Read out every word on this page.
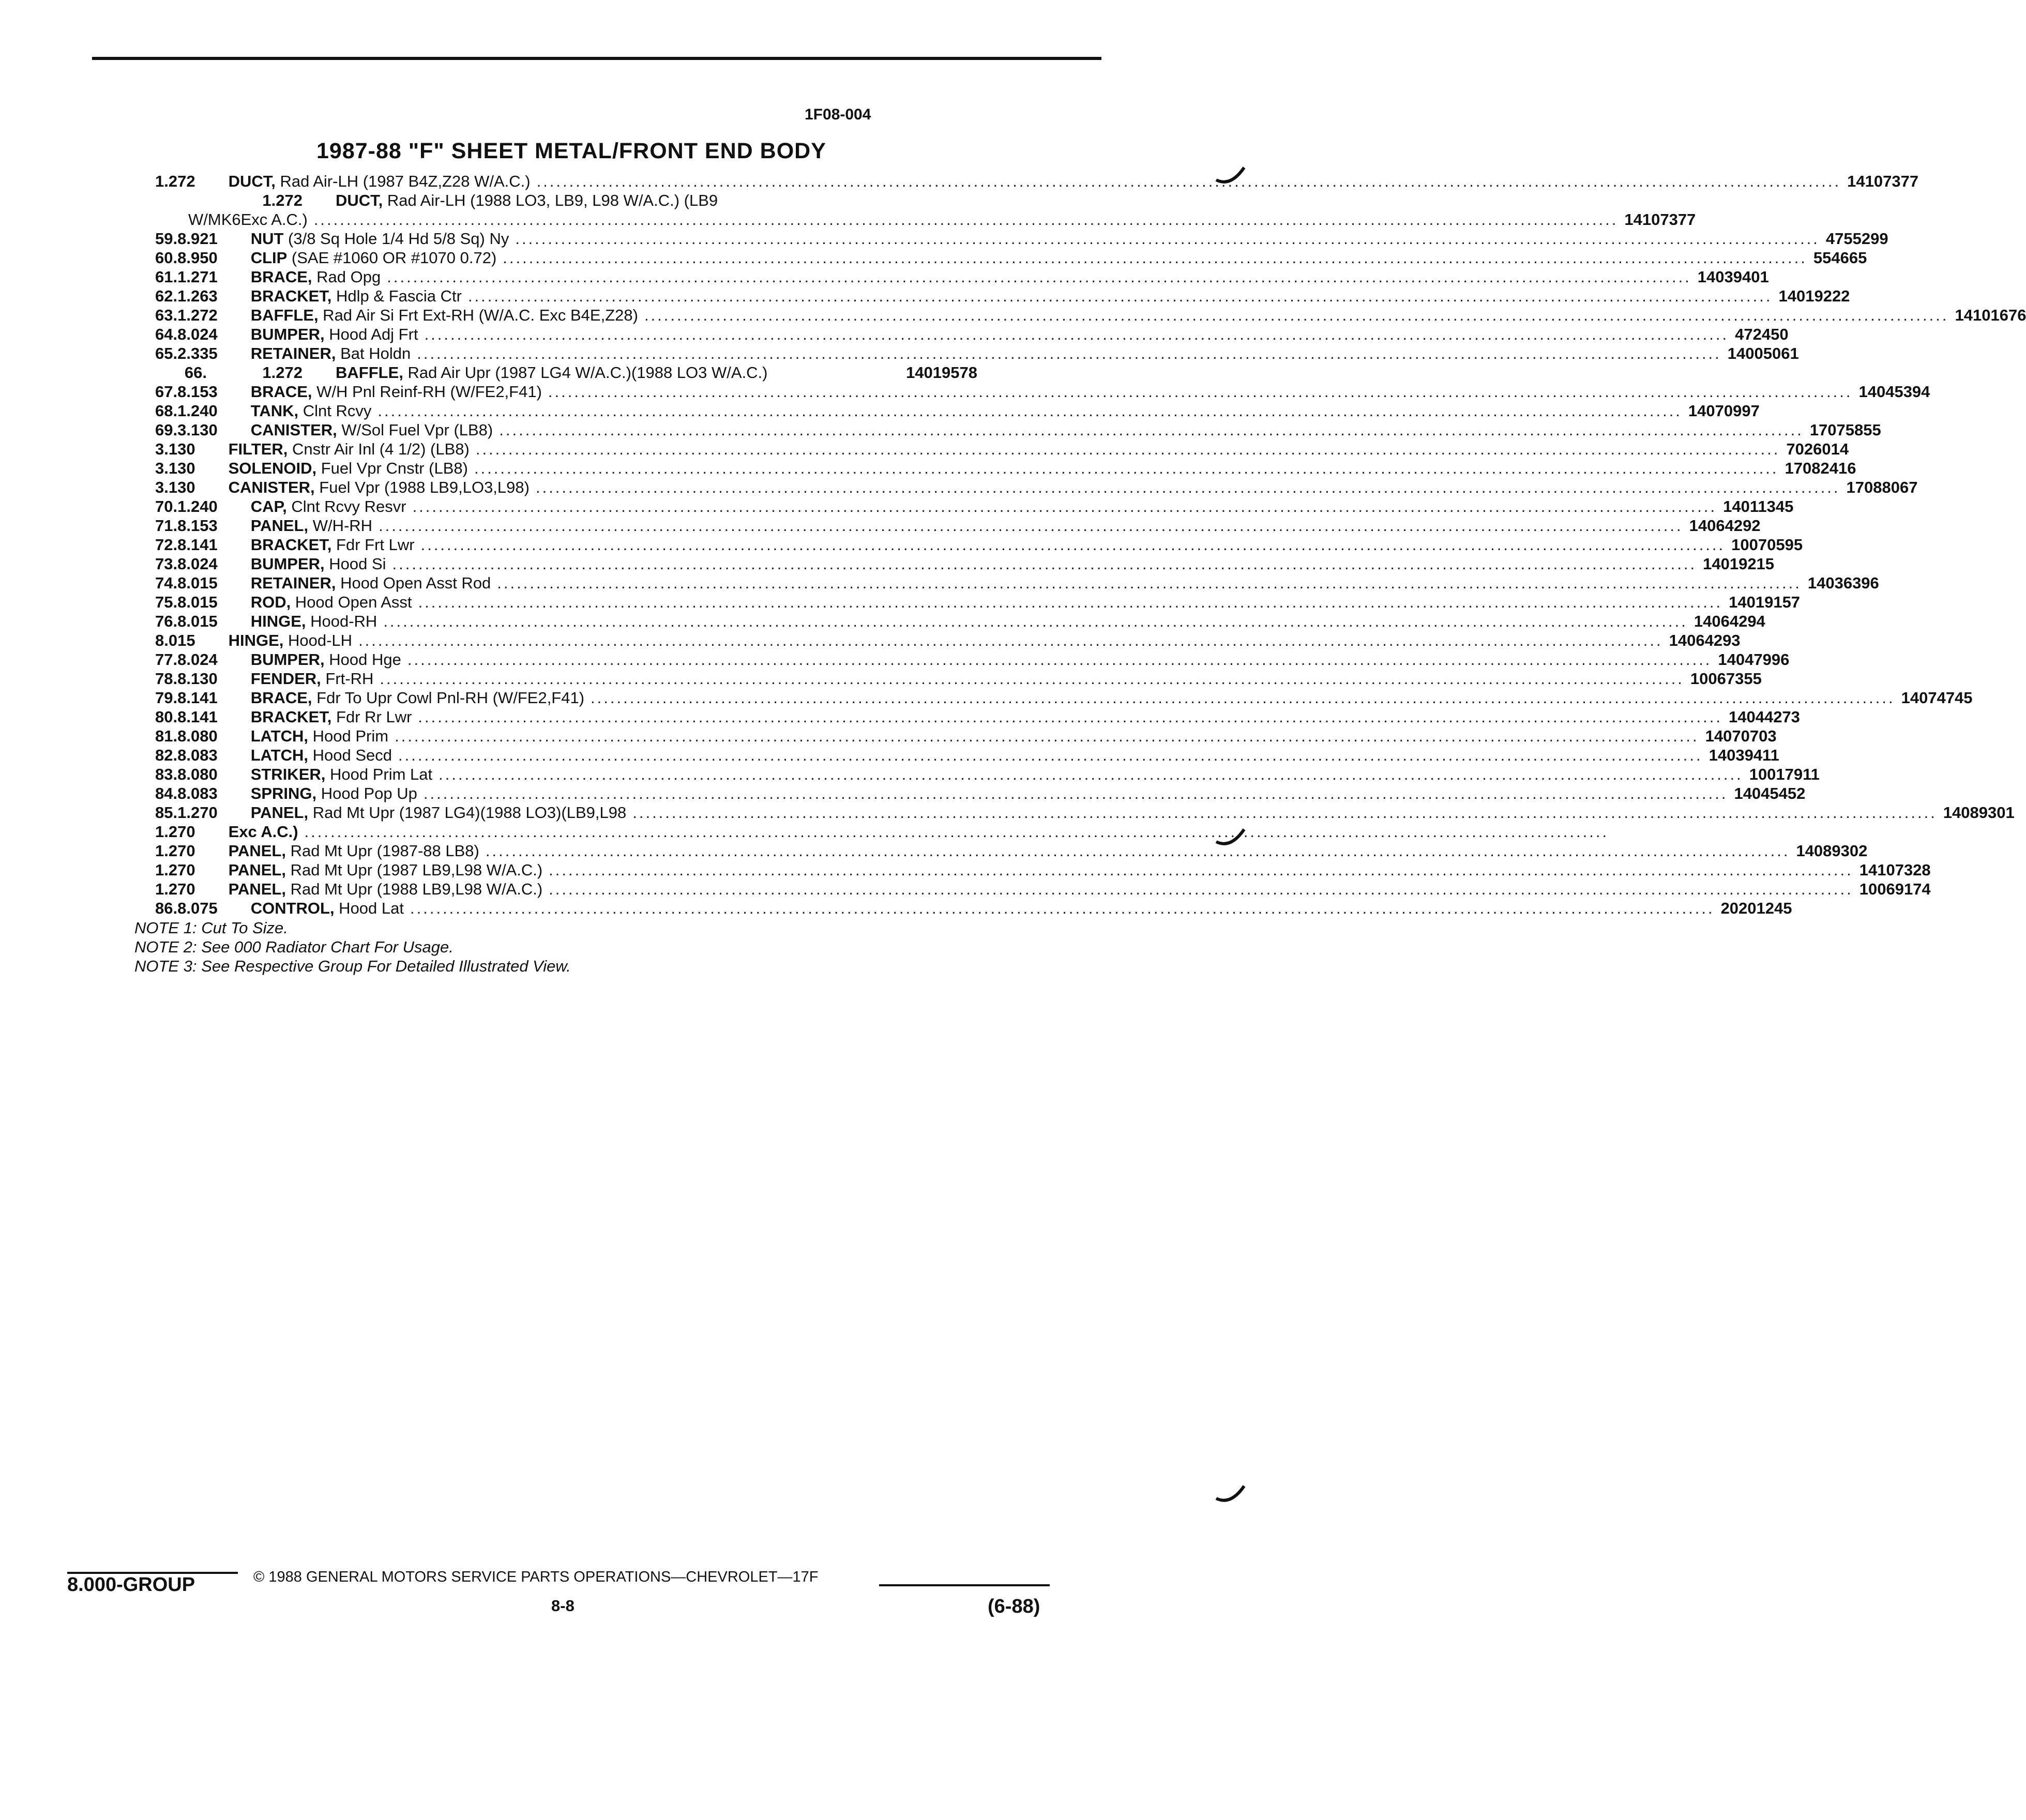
1F08-004
1987-88 "F" SHEET METAL/FRONT END BODY
1.272 DUCT, Rad Air-LH (1987 B4Z,Z28 W/A.C.) ........................................................................................................................................................................................................ 14107377
1.272 DUCT, Rad Air-LH (1988 LO3, LB9, L98 W/A.C.) (LB9
W/MK6Exc A.C.) ........................................................................................................................................................................................................ 14107377
59. 8.921 NUT (3/8 Sq Hole 1/4 Hd 5/8 Sq) Ny ........................................................................................................................................................................................................ 4755299
60. 8.950 CLIP (SAE #1060 OR #1070 0.72) ........................................................................................................................................................................................................ 554665
61. 1.271 BRACE, Rad Opg ........................................................................................................................................................................................................ 14039401
62. 1.263 BRACKET, Hdlp & Fascia Ctr ........................................................................................................................................................................................................ 14019222
63. 1.272 BAFFLE, Rad Air Si Frt Ext-RH (W/A.C. Exc B4E,Z28) ........................................................................................................................................................................................................ 14101676
64. 8.024 BUMPER, Hood Adj Frt ........................................................................................................................................................................................................ 472450
65. 2.335 RETAINER, Bat Holdn ........................................................................................................................................................................................................ 14005061
66.	1.272 BAFFLE, Rad Air Upr (1987 LG4 W/A.C.)(1988 LO3 W/A.C.)	14019578
67. 8.153 BRACE, W/H Pnl Reinf-RH (W/FE2,F41) ........................................................................................................................................................................................................ 14045394
68. 1.240 TANK, Clnt Rcvy ........................................................................................................................................................................................................ 14070997
69. 3.130 CANISTER, W/Sol Fuel Vpr (LB8) ........................................................................................................................................................................................................ 17075855
3.130 FILTER, Cnstr Air Inl (4 1/2) (LB8) ........................................................................................................................................................................................................ 7026014
3.130 SOLENOID, Fuel Vpr Cnstr (LB8) ........................................................................................................................................................................................................ 17082416
3.130 CANISTER, Fuel Vpr (1988 LB9,LO3,L98) ........................................................................................................................................................................................................ 17088067
70. 1.240 CAP, Clnt Rcvy Resvr ........................................................................................................................................................................................................ 14011345
71. 8.153 PANEL, W/H-RH ........................................................................................................................................................................................................ 14064292
72. 8.141 BRACKET, Fdr Frt Lwr ........................................................................................................................................................................................................ 10070595
73. 8.024 BUMPER, Hood Si ........................................................................................................................................................................................................ 14019215
74. 8.015 RETAINER, Hood Open Asst Rod ........................................................................................................................................................................................................ 14036396
75. 8.015 ROD, Hood Open Asst ........................................................................................................................................................................................................ 14019157
76. 8.015 HINGE, Hood-RH ........................................................................................................................................................................................................ 14064294
8.015 HINGE, Hood-LH ........................................................................................................................................................................................................ 14064293
77. 8.024 BUMPER, Hood Hge ........................................................................................................................................................................................................ 14047996
78. 8.130 FENDER, Frt-RH ........................................................................................................................................................................................................ 10067355
79. 8.141 BRACE, Fdr To Upr Cowl Pnl-RH (W/FE2,F41) ........................................................................................................................................................................................................ 14074745
80. 8.141 BRACKET, Fdr Rr Lwr ........................................................................................................................................................................................................ 14044273
81. 8.080 LATCH, Hood Prim ........................................................................................................................................................................................................ 14070703
82. 8.083 LATCH, Hood Secd ........................................................................................................................................................................................................ 14039411
83. 8.080 STRIKER, Hood Prim Lat ........................................................................................................................................................................................................ 10017911
84. 8.083 SPRING, Hood Pop Up ........................................................................................................................................................................................................ 14045452
85. 1.270 PANEL, Rad Mt Upr (1987 LG4)(1988 LO3)(LB9,L98 ........................................................................................................................................................................................................ 14089301
1.270 Exc A.C.) ........................................................................................................................................................................................................
1.270 PANEL, Rad Mt Upr (1987-88 LB8) ........................................................................................................................................................................................................ 14089302
1.270 PANEL, Rad Mt Upr (1987 LB9,L98 W/A.C.) ........................................................................................................................................................................................................ 14107328
1.270 PANEL, Rad Mt Upr (1988 LB9,L98 W/A.C.) ........................................................................................................................................................................................................ 10069174
86. 8.075 CONTROL, Hood Lat ........................................................................................................................................................................................................ 20201245
NOTE 1: Cut To Size.
NOTE 2: See 000 Radiator Chart For Usage.
NOTE 3: See Respective Group For Detailed Illustrated View.
8.000-GROUP	© 1988 GENERAL MOTORS SERVICE PARTS OPERATIONS—CHEVROLET—17F
8-8	(6-88)
